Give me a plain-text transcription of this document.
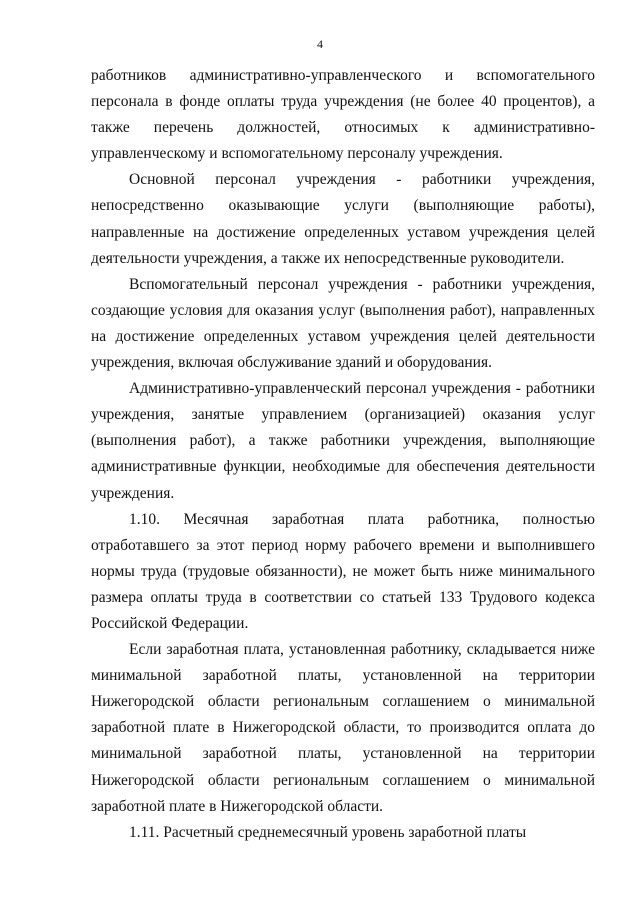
4

работников административно-управленческого и вспомогательного персонала в фонде оплаты труда учреждения (не более 40 процентов), а также перечень должностей, относимых к административно-управленческому и вспомогательному персоналу учреждения.

Основной персонал учреждения - работники учреждения, непосредственно оказывающие услуги (выполняющие работы), направленные на достижение определенных уставом учреждения целей деятельности учреждения, а также их непосредственные руководители.

Вспомогательный персонал учреждения - работники учреждения, создающие условия для оказания услуг (выполнения работ), направленных на достижение определенных уставом учреждения целей деятельности учреждения, включая обслуживание зданий и оборудования.

Административно-управленческий персонал учреждения - работники учреждения, занятые управлением (организацией) оказания услуг (выполнения работ), а также работники учреждения, выполняющие административные функции, необходимые для обеспечения деятельности учреждения.

1.10. Месячная заработная плата работника, полностью отработавшего за этот период норму рабочего времени и выполнившего нормы труда (трудовые обязанности), не может быть ниже минимального размера оплаты труда в соответствии со статьей 133 Трудового кодекса Российской Федерации.

Если заработная плата, установленная работнику, складывается ниже минимальной заработной платы, установленной на территории Нижегородской области региональным соглашением о минимальной заработной плате в Нижегородской области, то производится оплата до минимальной заработной платы, установленной на территории Нижегородской области региональным соглашением о минимальной заработной плате в Нижегородской области.

1.11. Расчетный среднемесячный уровень заработной платы
